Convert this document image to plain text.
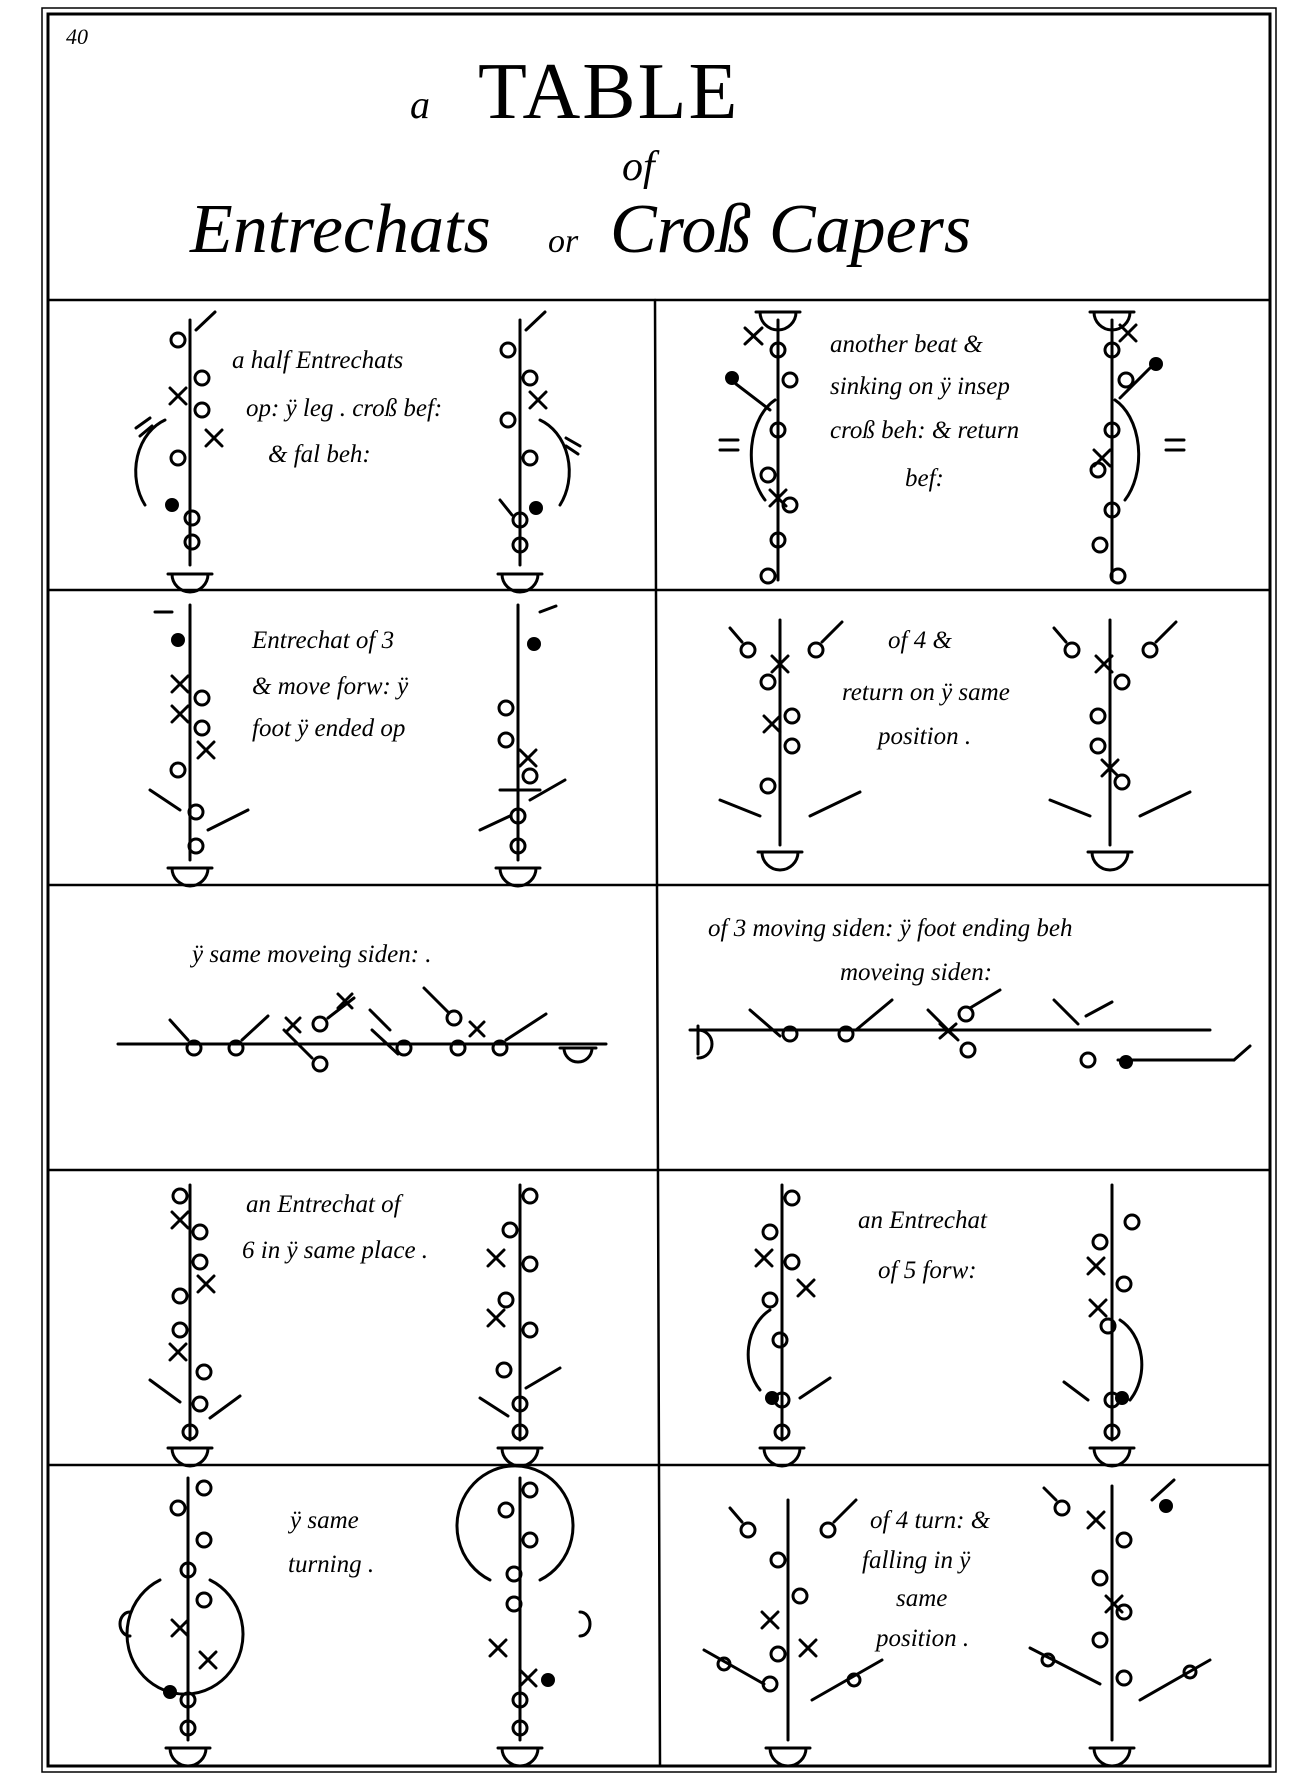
40
a TABLE
of
Entrechats or Croß Capers
a half Entrechats
op: ÿ leg . croß bef:
& fal beh:
another beat &
sinking on ÿ insep
croß beh: & return
bef:
Entrechat of 3
& move forw: ÿ
foot ÿ ended op
of 4 &
return on ÿ same
position .
ÿ same moveing siden: .
of 3 moving siden: ÿ foot ending beh
moveing siden:
an Entrechat of
6 in ÿ same place .
an Entrechat
of 5 forw:
ÿ same
turning .
of 4 turn: &
falling in ÿ
same
position .
